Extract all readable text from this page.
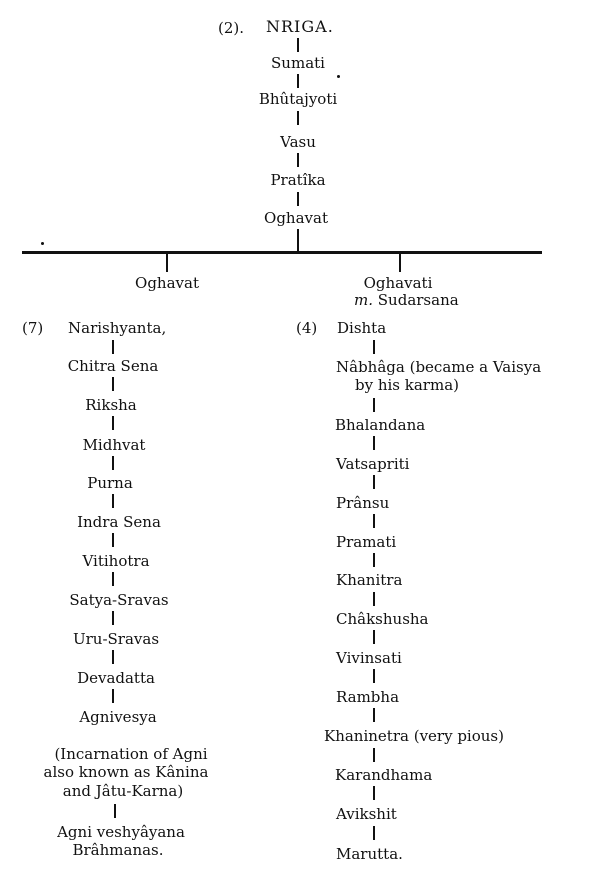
(2). NRIGA.
Sumati
Bhûtajyoti
Vasu
Pratîka
Oghavat
Oghavat	Oghavati
m. Sudarsana
(7) Narishyanta,
Chitra Sena
Riksha
Midhvat
Purna
Indra Sena
Vitihotra
Satya-Sravas
Uru-Sravas
Devadatta
Agnivesya
(Incarnation of Agni
also known as Kânina
and Jâtu-Karna)
Agni veshyâyana
Brâhmanas.
(4) Dishta
Nâbhâga (became a Vaisya
by his karma)
Bhalandana
Vatsapriti
Prânsu
Pramati
Khanitra
Châkshusha
Vivinsati
Rambha
Khaninetra (very pious)
Karandhama
Avikshit
Marutta.
